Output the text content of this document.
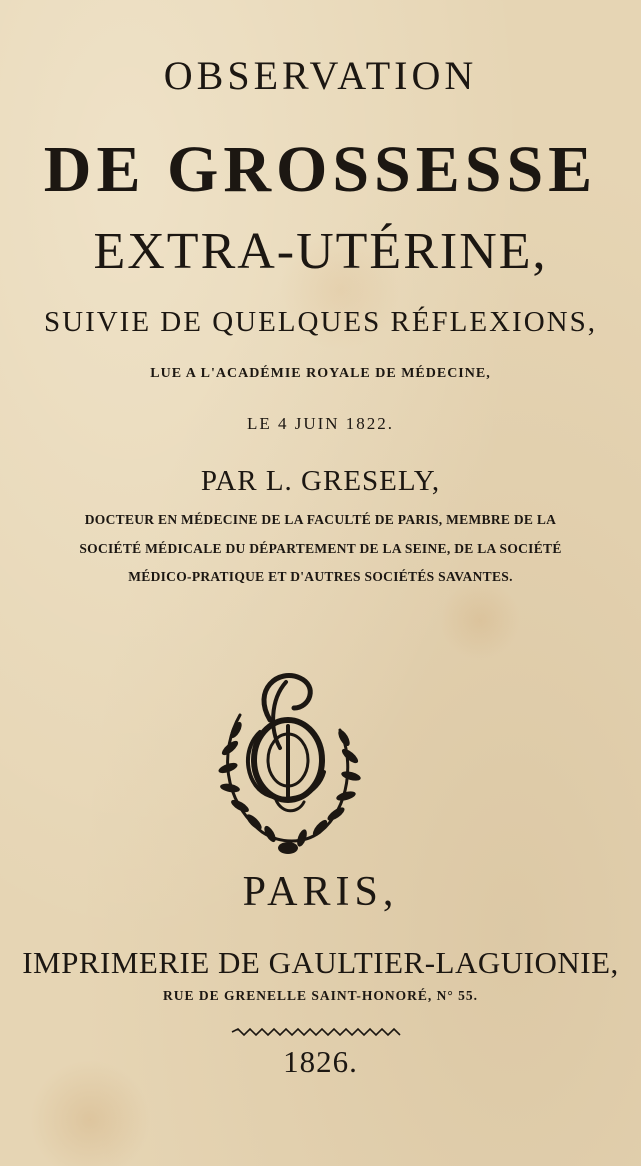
OBSERVATION
DE GROSSESSE
EXTRA-UTÉRINE,
SUIVIE DE QUELQUES RÉFLEXIONS,
LUE A L'ACADÉMIE ROYALE DE MÉDECINE,
LE 4 JUIN 1822.
PAR L. GRESELY,
DOCTEUR EN MÉDECINE DE LA FACULTÉ DE PARIS, MEMBRE DE LA
SOCIÉTÉ MÉDICALE DU DÉPARTEMENT DE LA SEINE, DE LA SOCIÉTÉ
MÉDICO-PRATIQUE ET D'AUTRES SOCIÉTÉS SAVANTES.
PARIS,
IMPRIMERIE DE GAULTIER-LAGUIONIE,
RUE DE GRENELLE SAINT-HONORÉ, N° 55.
1826.
